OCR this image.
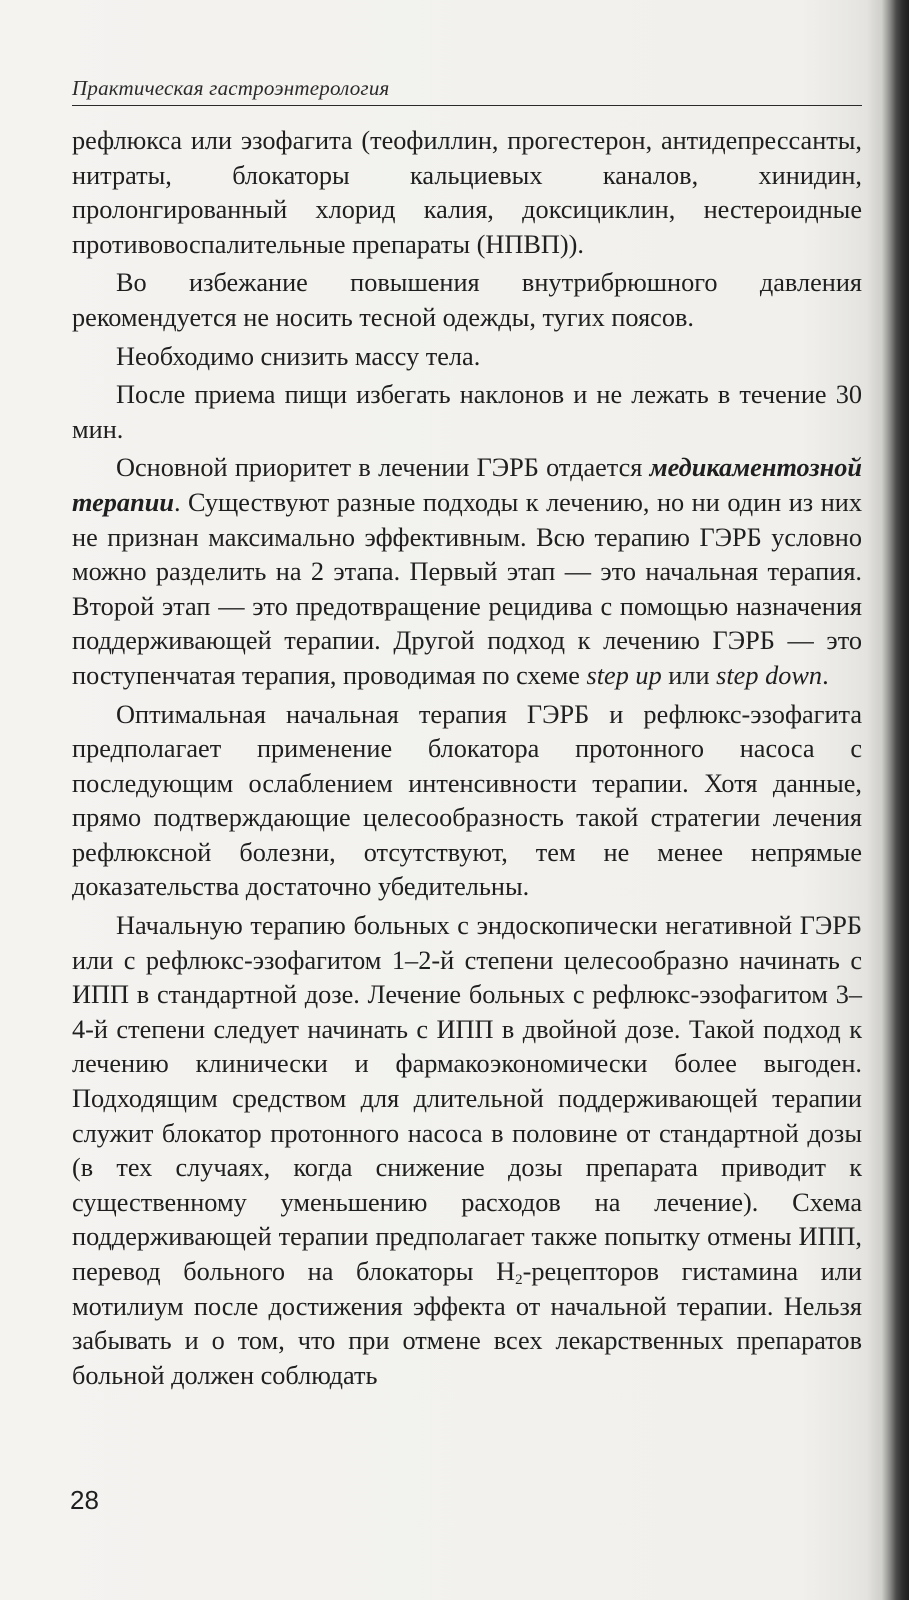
Практическая гастроэнтерология

рефлюкса или эзофагита (теофиллин, прогестерон, антидепрессанты, нитраты, блокаторы кальциевых каналов, хинидин, пролонгированный хлорид калия, доксициклин, нестероидные противовоспалительные препараты (НПВП)).

Во избежание повышения внутрибрюшного давления рекомендуется не носить тесной одежды, тугих поясов.

Необходимо снизить массу тела.

После приема пищи избегать наклонов и не лежать в течение 30 мин.

Основной приоритет в лечении ГЭРБ отдается медикаментозной терапии. Существуют разные подходы к лечению, но ни один из них не признан максимально эффективным. Всю терапию ГЭРБ условно можно разделить на 2 этапа. Первый этап — это начальная терапия. Второй этап — это предотвращение рецидива с помощью назначения поддерживающей терапии. Другой подход к лечению ГЭРБ — это поступенчатая терапия, проводимая по схеме step up или step down.

Оптимальная начальная терапия ГЭРБ и рефлюкс-эзофагита предполагает применение блокатора протонного насоса с последующим ослаблением интенсивности терапии. Хотя данные, прямо подтверждающие целесообразность такой стратегии лечения рефлюксной болезни, отсутствуют, тем не менее непрямые доказательства достаточно убедительны.

Начальную терапию больных с эндоскопически негативной ГЭРБ или с рефлюкс-эзофагитом 1–2-й степени целесообразно начинать с ИПП в стандартной дозе. Лечение больных с рефлюкс-эзофагитом 3–4-й степени следует начинать с ИПП в двойной дозе. Такой подход к лечению клинически и фармакоэкономически более выгоден. Подходящим средством для длительной поддерживающей терапии служит блокатор протонного насоса в половине от стандартной дозы (в тех случаях, когда снижение дозы препарата приводит к существенному уменьшению расходов на лечение). Схема поддерживающей терапии предполагает также попытку отмены ИПП, перевод больного на блокаторы $Н_2$-рецепторов гистамина или мотилиум после достижения эффекта от начальной терапии. Нельзя забывать и о том, что при отмене всех лекарственных препаратов больной должен соблюдать

28
